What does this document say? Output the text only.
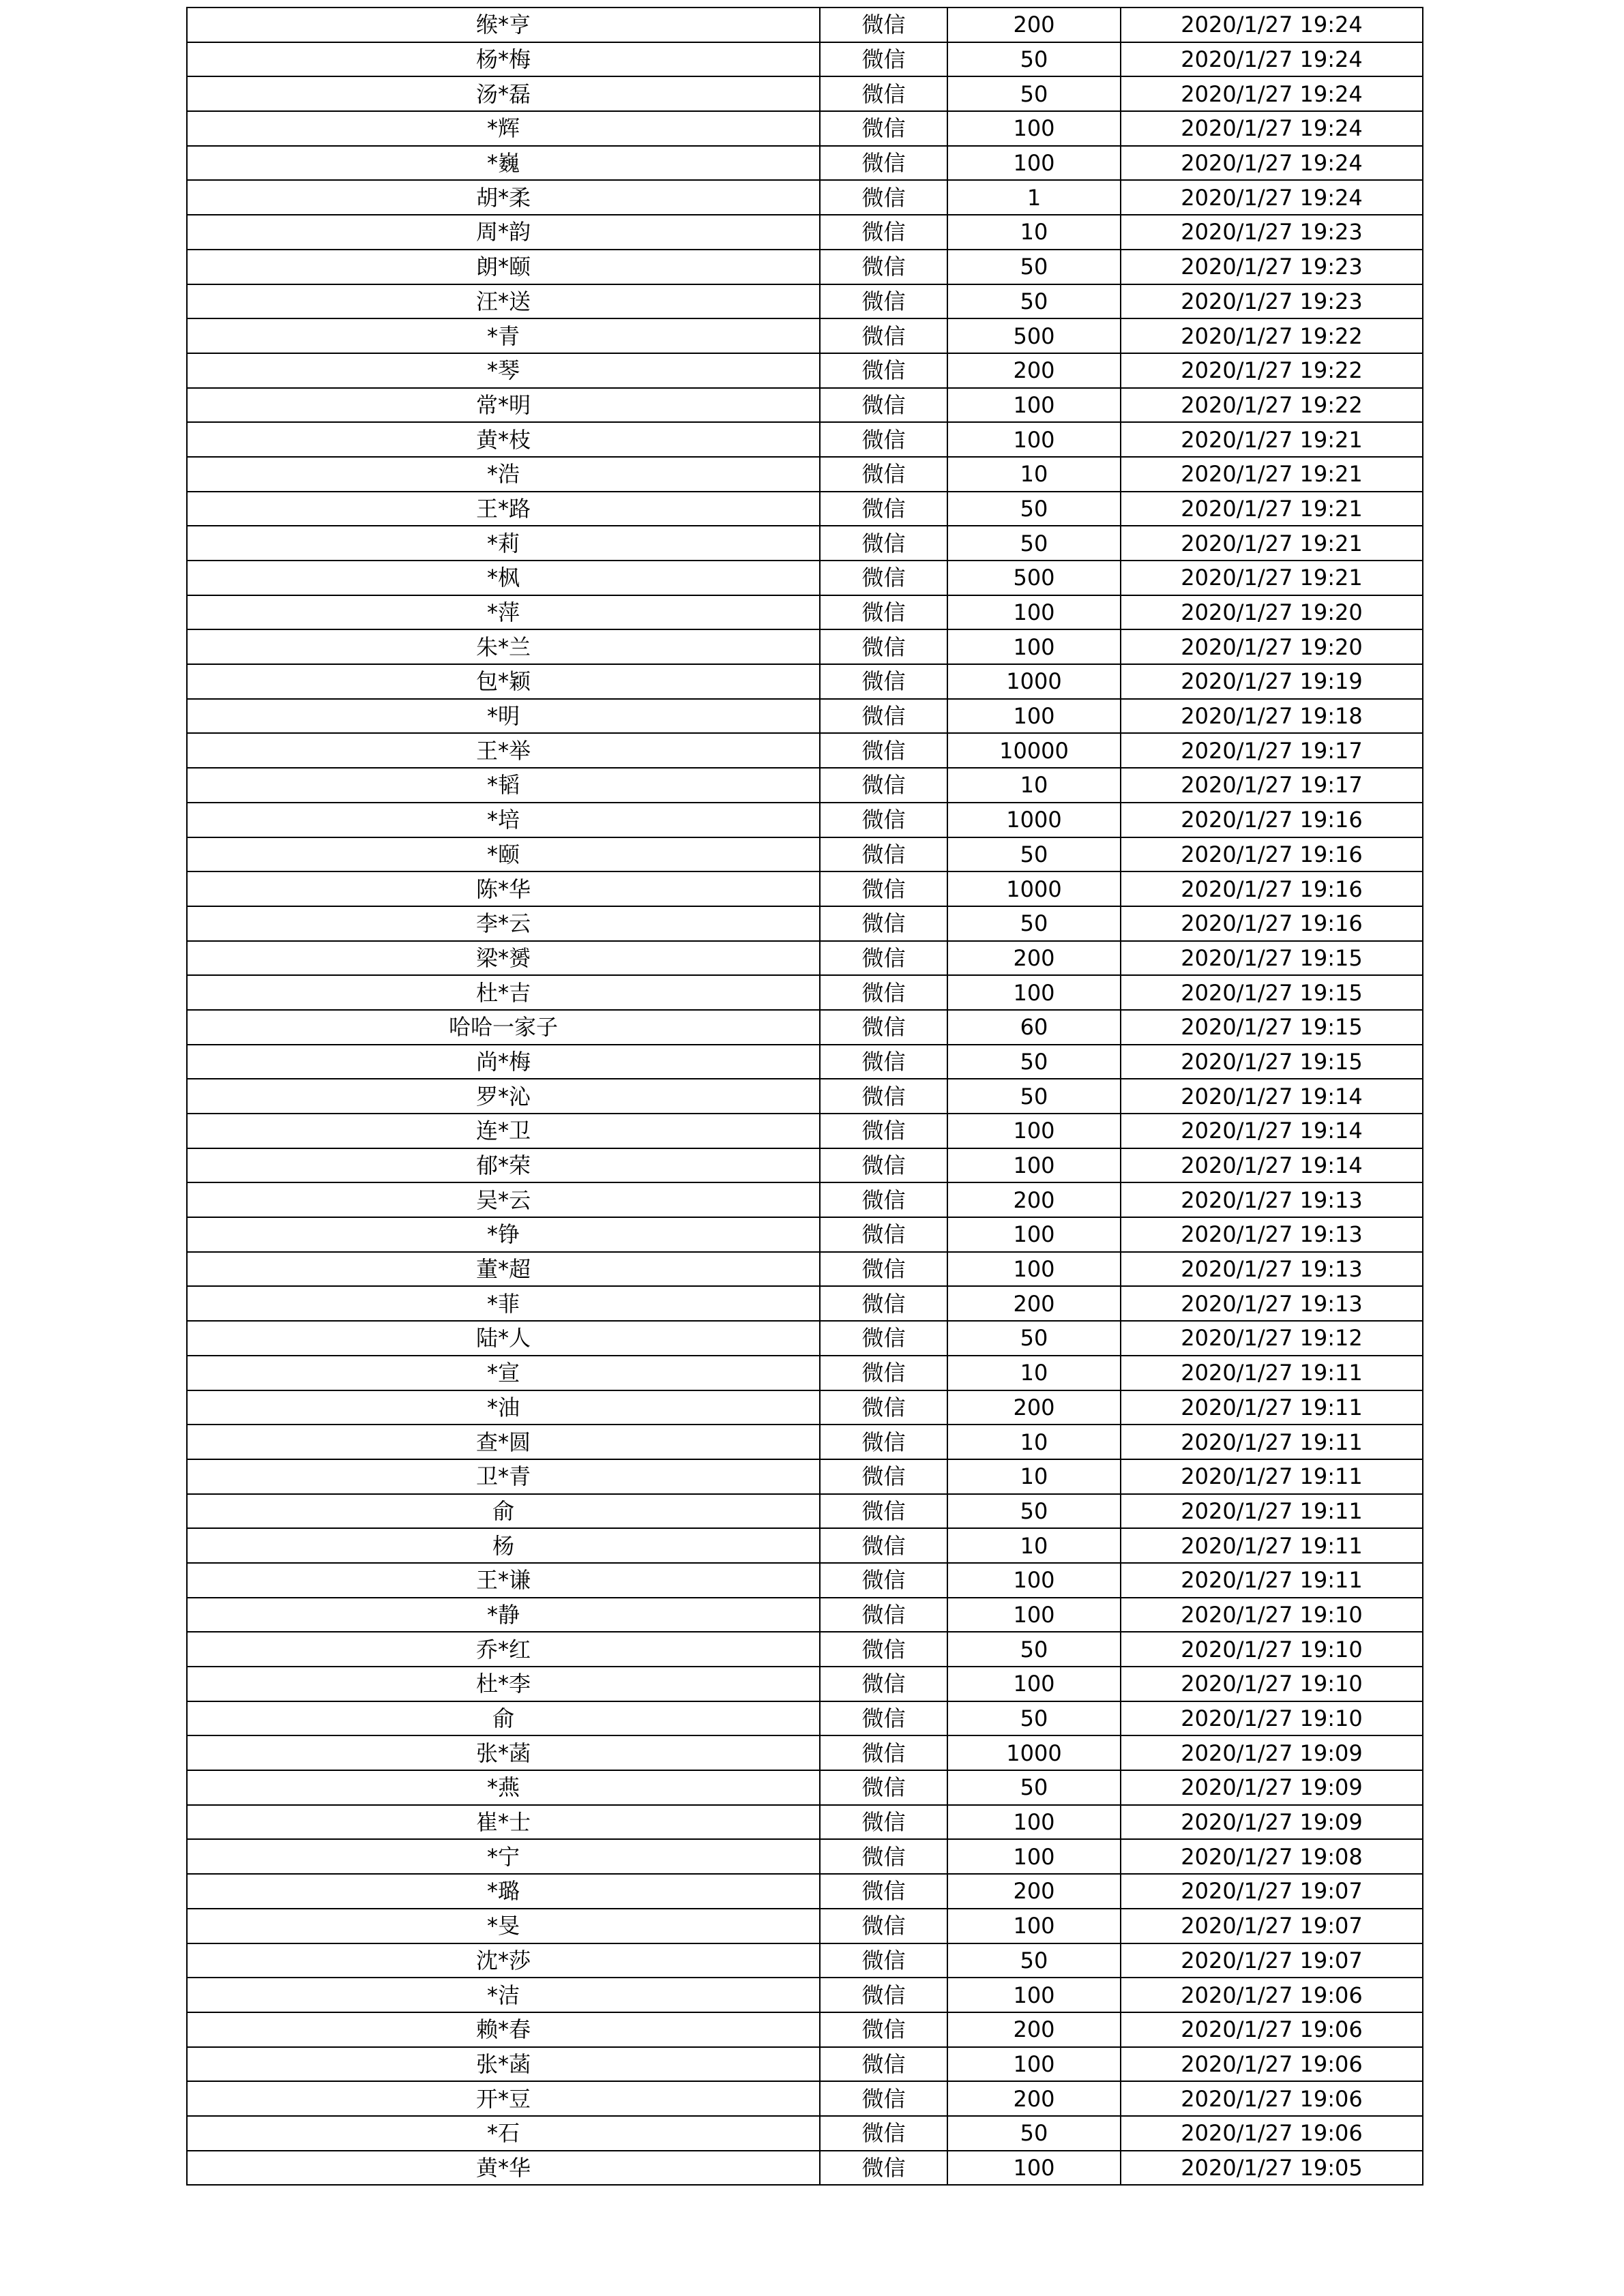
缑*亨	微信	200	2020/1/27 19:24
杨*梅	微信	50	2020/1/27 19:24
汤*磊	微信	50	2020/1/27 19:24
*辉	微信	100	2020/1/27 19:24
*巍	微信	100	2020/1/27 19:24
胡*柔	微信	1	2020/1/27 19:24
周*韵	微信	10	2020/1/27 19:23
朗*颐	微信	50	2020/1/27 19:23
汪*送	微信	50	2020/1/27 19:23
*青	微信	500	2020/1/27 19:22
*琴	微信	200	2020/1/27 19:22
常*明	微信	100	2020/1/27 19:22
黄*枝	微信	100	2020/1/27 19:21
*浩	微信	10	2020/1/27 19:21
王*路	微信	50	2020/1/27 19:21
*莉	微信	50	2020/1/27 19:21
*枫	微信	500	2020/1/27 19:21
*萍	微信	100	2020/1/27 19:20
朱*兰	微信	100	2020/1/27 19:20
包*颖	微信	1000	2020/1/27 19:19
*明	微信	100	2020/1/27 19:18
王*举	微信	10000	2020/1/27 19:17
*韬	微信	10	2020/1/27 19:17
*培	微信	1000	2020/1/27 19:16
*颐	微信	50	2020/1/27 19:16
陈*华	微信	1000	2020/1/27 19:16
李*云	微信	50	2020/1/27 19:16
梁*赟	微信	200	2020/1/27 19:15
杜*吉	微信	100	2020/1/27 19:15
哈哈一家子	微信	60	2020/1/27 19:15
尚*梅	微信	50	2020/1/27 19:15
罗*沁	微信	50	2020/1/27 19:14
连*卫	微信	100	2020/1/27 19:14
郁*荣	微信	100	2020/1/27 19:14
吴*云	微信	200	2020/1/27 19:13
*铮	微信	100	2020/1/27 19:13
董*超	微信	100	2020/1/27 19:13
*菲	微信	200	2020/1/27 19:13
陆*人	微信	50	2020/1/27 19:12
*宣	微信	10	2020/1/27 19:11
*油	微信	200	2020/1/27 19:11
查*圆	微信	10	2020/1/27 19:11
卫*青	微信	10	2020/1/27 19:11
俞	微信	50	2020/1/27 19:11
杨	微信	10	2020/1/27 19:11
王*谦	微信	100	2020/1/27 19:11
*静	微信	100	2020/1/27 19:10
乔*红	微信	50	2020/1/27 19:10
杜*李	微信	100	2020/1/27 19:10
俞	微信	50	2020/1/27 19:10
张*菡	微信	1000	2020/1/27 19:09
*燕	微信	50	2020/1/27 19:09
崔*士	微信	100	2020/1/27 19:09
*宁	微信	100	2020/1/27 19:08
*璐	微信	200	2020/1/27 19:07
*旻	微信	100	2020/1/27 19:07
沈*莎	微信	50	2020/1/27 19:07
*洁	微信	100	2020/1/27 19:06
赖*春	微信	200	2020/1/27 19:06
张*菡	微信	100	2020/1/27 19:06
开*豆	微信	200	2020/1/27 19:06
*石	微信	50	2020/1/27 19:06
黄*华	微信	100	2020/1/27 19:05
